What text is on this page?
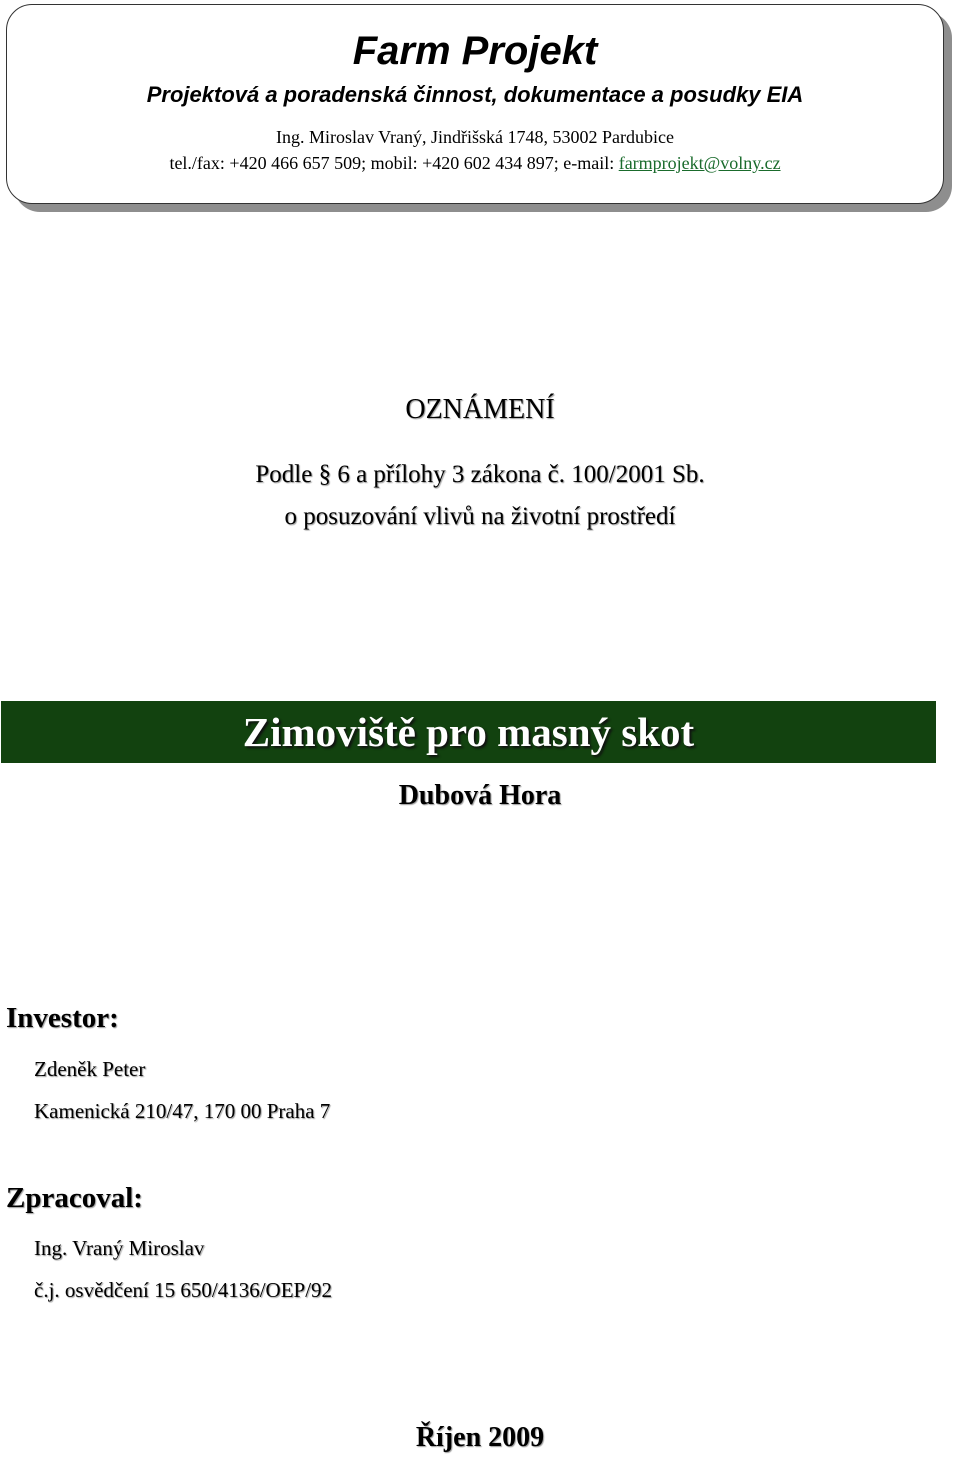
Farm Projekt
Projektová a poradenská činnost, dokumentace a posudky EIA
Ing. Miroslav Vraný, Jindřišská 1748, 53002 Pardubice
tel./fax: +420 466 657 509; mobil: +420 602 434 897; e-mail: farmprojekt@volny.cz
OZNÁMENÍ
Podle § 6 a přílohy 3 zákona č. 100/2001 Sb.
o posuzování vlivů na životní prostředí
Zimoviště pro masný skot
Dubová Hora
Investor:
Zdeněk Peter
Kamenická 210/47, 170 00 Praha 7
Zpracoval:
Ing. Vraný Miroslav
č.j. osvědčení 15 650/4136/OEP/92
Říjen 2009
